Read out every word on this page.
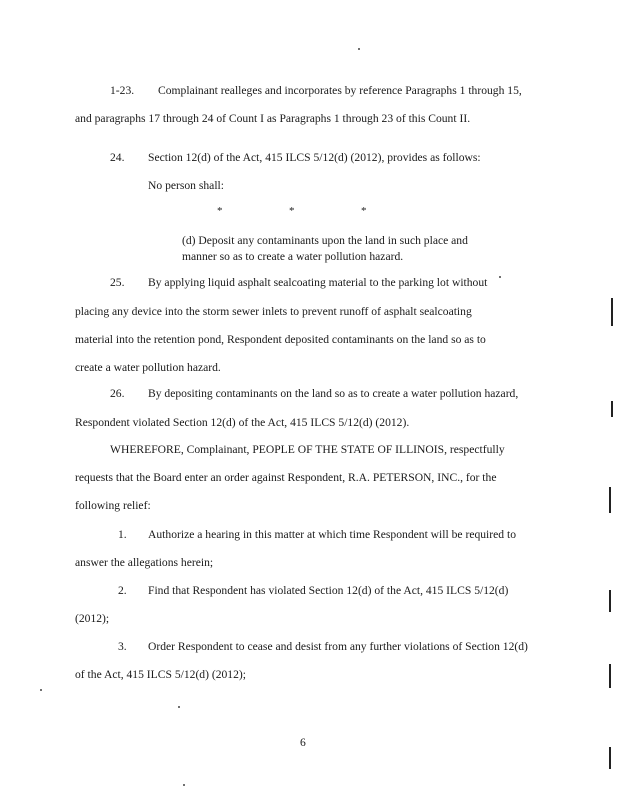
1-23. Complainant realleges and incorporates by reference Paragraphs 1 through 15,
and paragraphs 17 through 24 of Count I as Paragraphs 1 through 23 of this Count II.
24. Section 12(d) of the Act, 415 ILCS 5/12(d) (2012), provides as follows:
No person shall:
*	*	*
(d) Deposit any contaminants upon the land in such place and
manner so as to create a water pollution hazard.
25. By applying liquid asphalt sealcoating material to the parking lot without
placing any device into the storm sewer inlets to prevent runoff of asphalt sealcoating
material into the retention pond, Respondent deposited contaminants on the land so as to
create a water pollution hazard.
26. By depositing contaminants on the land so as to create a water pollution hazard,
Respondent violated Section 12(d) of the Act, 415 ILCS 5/12(d) (2012).
WHEREFORE, Complainant, PEOPLE OF THE STATE OF ILLINOIS, respectfully
requests that the Board enter an order against Respondent, R.A. PETERSON, INC., for the
following relief:
1. Authorize a hearing in this matter at which time Respondent will be required to
answer the allegations herein;
2. Find that Respondent has violated Section 12(d) of the Act, 415 ILCS 5/12(d)
(2012);
3. Order Respondent to cease and desist from any further violations of Section 12(d)
of the Act, 415 ILCS 5/12(d) (2012);
6
